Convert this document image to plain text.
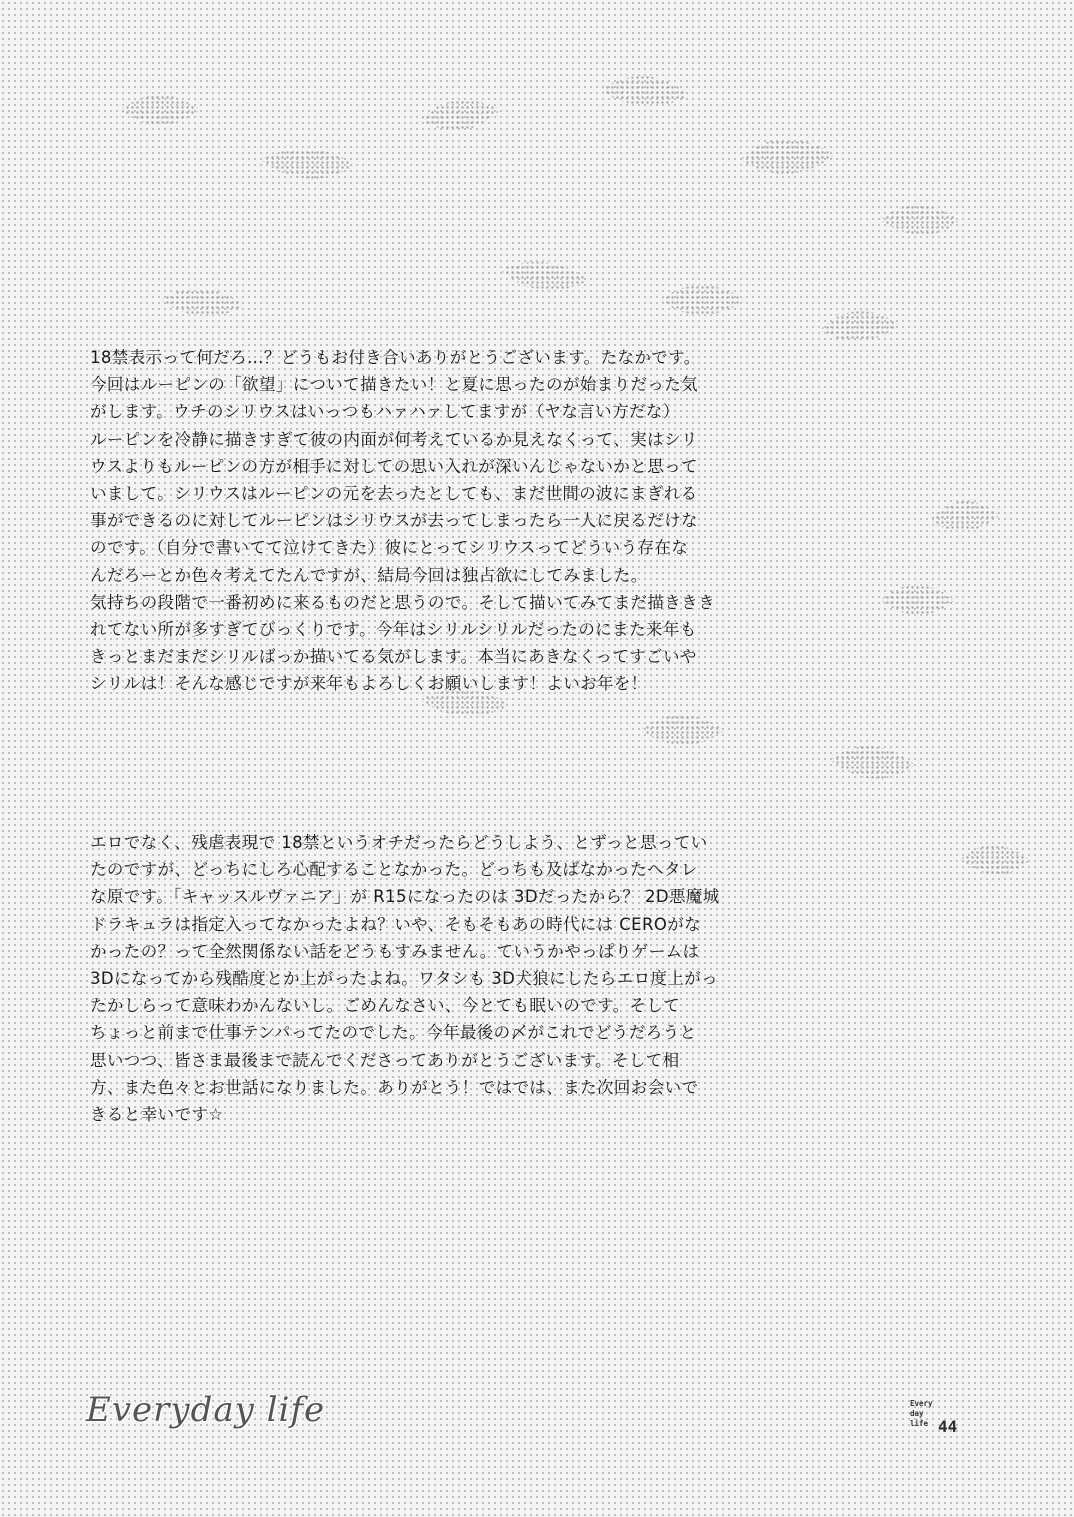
18禁表示って何だろ…？どうもお付き合いありがとうございます。たなかです。
今回はルーピンの「欲望」について描きたい！と夏に思ったのが始まりだった気
がします。ウチのシリウスはいっつもハァハァしてますが（ヤな言い方だな）
ルーピンを冷静に描きすぎて彼の内面が何考えているか見えなくって、実はシリ
ウスよりもルーピンの方が相手に対しての思い入れが深いんじゃないかと思って
いまして。シリウスはルーピンの元を去ったとしても、まだ世間の波にまぎれる
事ができるのに対してルーピンはシリウスが去ってしまったら一人に戻るだけな
のです。（自分で書いてて泣けてきた）彼にとってシリウスってどういう存在な
んだろーとか色々考えてたんですが、結局今回は独占欲にしてみました。
気持ちの段階で一番初めに来るものだと思うので。そして描いてみてまだ描ききき
れてない所が多すぎてびっくりです。今年はシリルシリルだったのにまた来年も
きっとまだまだシリルばっか描いてる気がします。本当にあきなくってすごいや
シリルは！そんな感じですが来年もよろしくお願いします！よいお年を！
エロでなく、残虐表現で 18禁というオチだったらどうしよう、とずっと思ってい
たのですが、どっちにしろ心配することなかった。どっちも及ばなかったヘタレ
な原です。「キャッスルヴァニア」が R15になったのは 3Dだったから？ 2D悪魔城
ドラキュラは指定入ってなかったよね？いや、そもそもあの時代には CEROがな
かったの？って全然関係ない話をどうもすみません。ていうかやっぱりゲームは
3Dになってから残酷度とか上がったよね。ワタシも 3D犬狼にしたらエロ度上がっ
たかしらって意味わかんないし。ごめんなさい、今とても眠いのです。そして
ちょっと前まで仕事テンパってたのでした。今年最後の〆がこれでどうだろうと
思いつつ、皆さま最後まで読んでくださってありがとうございます。そして相
方、また色々とお世話になりました。ありがとう！ではでは、また次回お会いで
きると幸いです☆
Everyday life	Every
day
life 44
